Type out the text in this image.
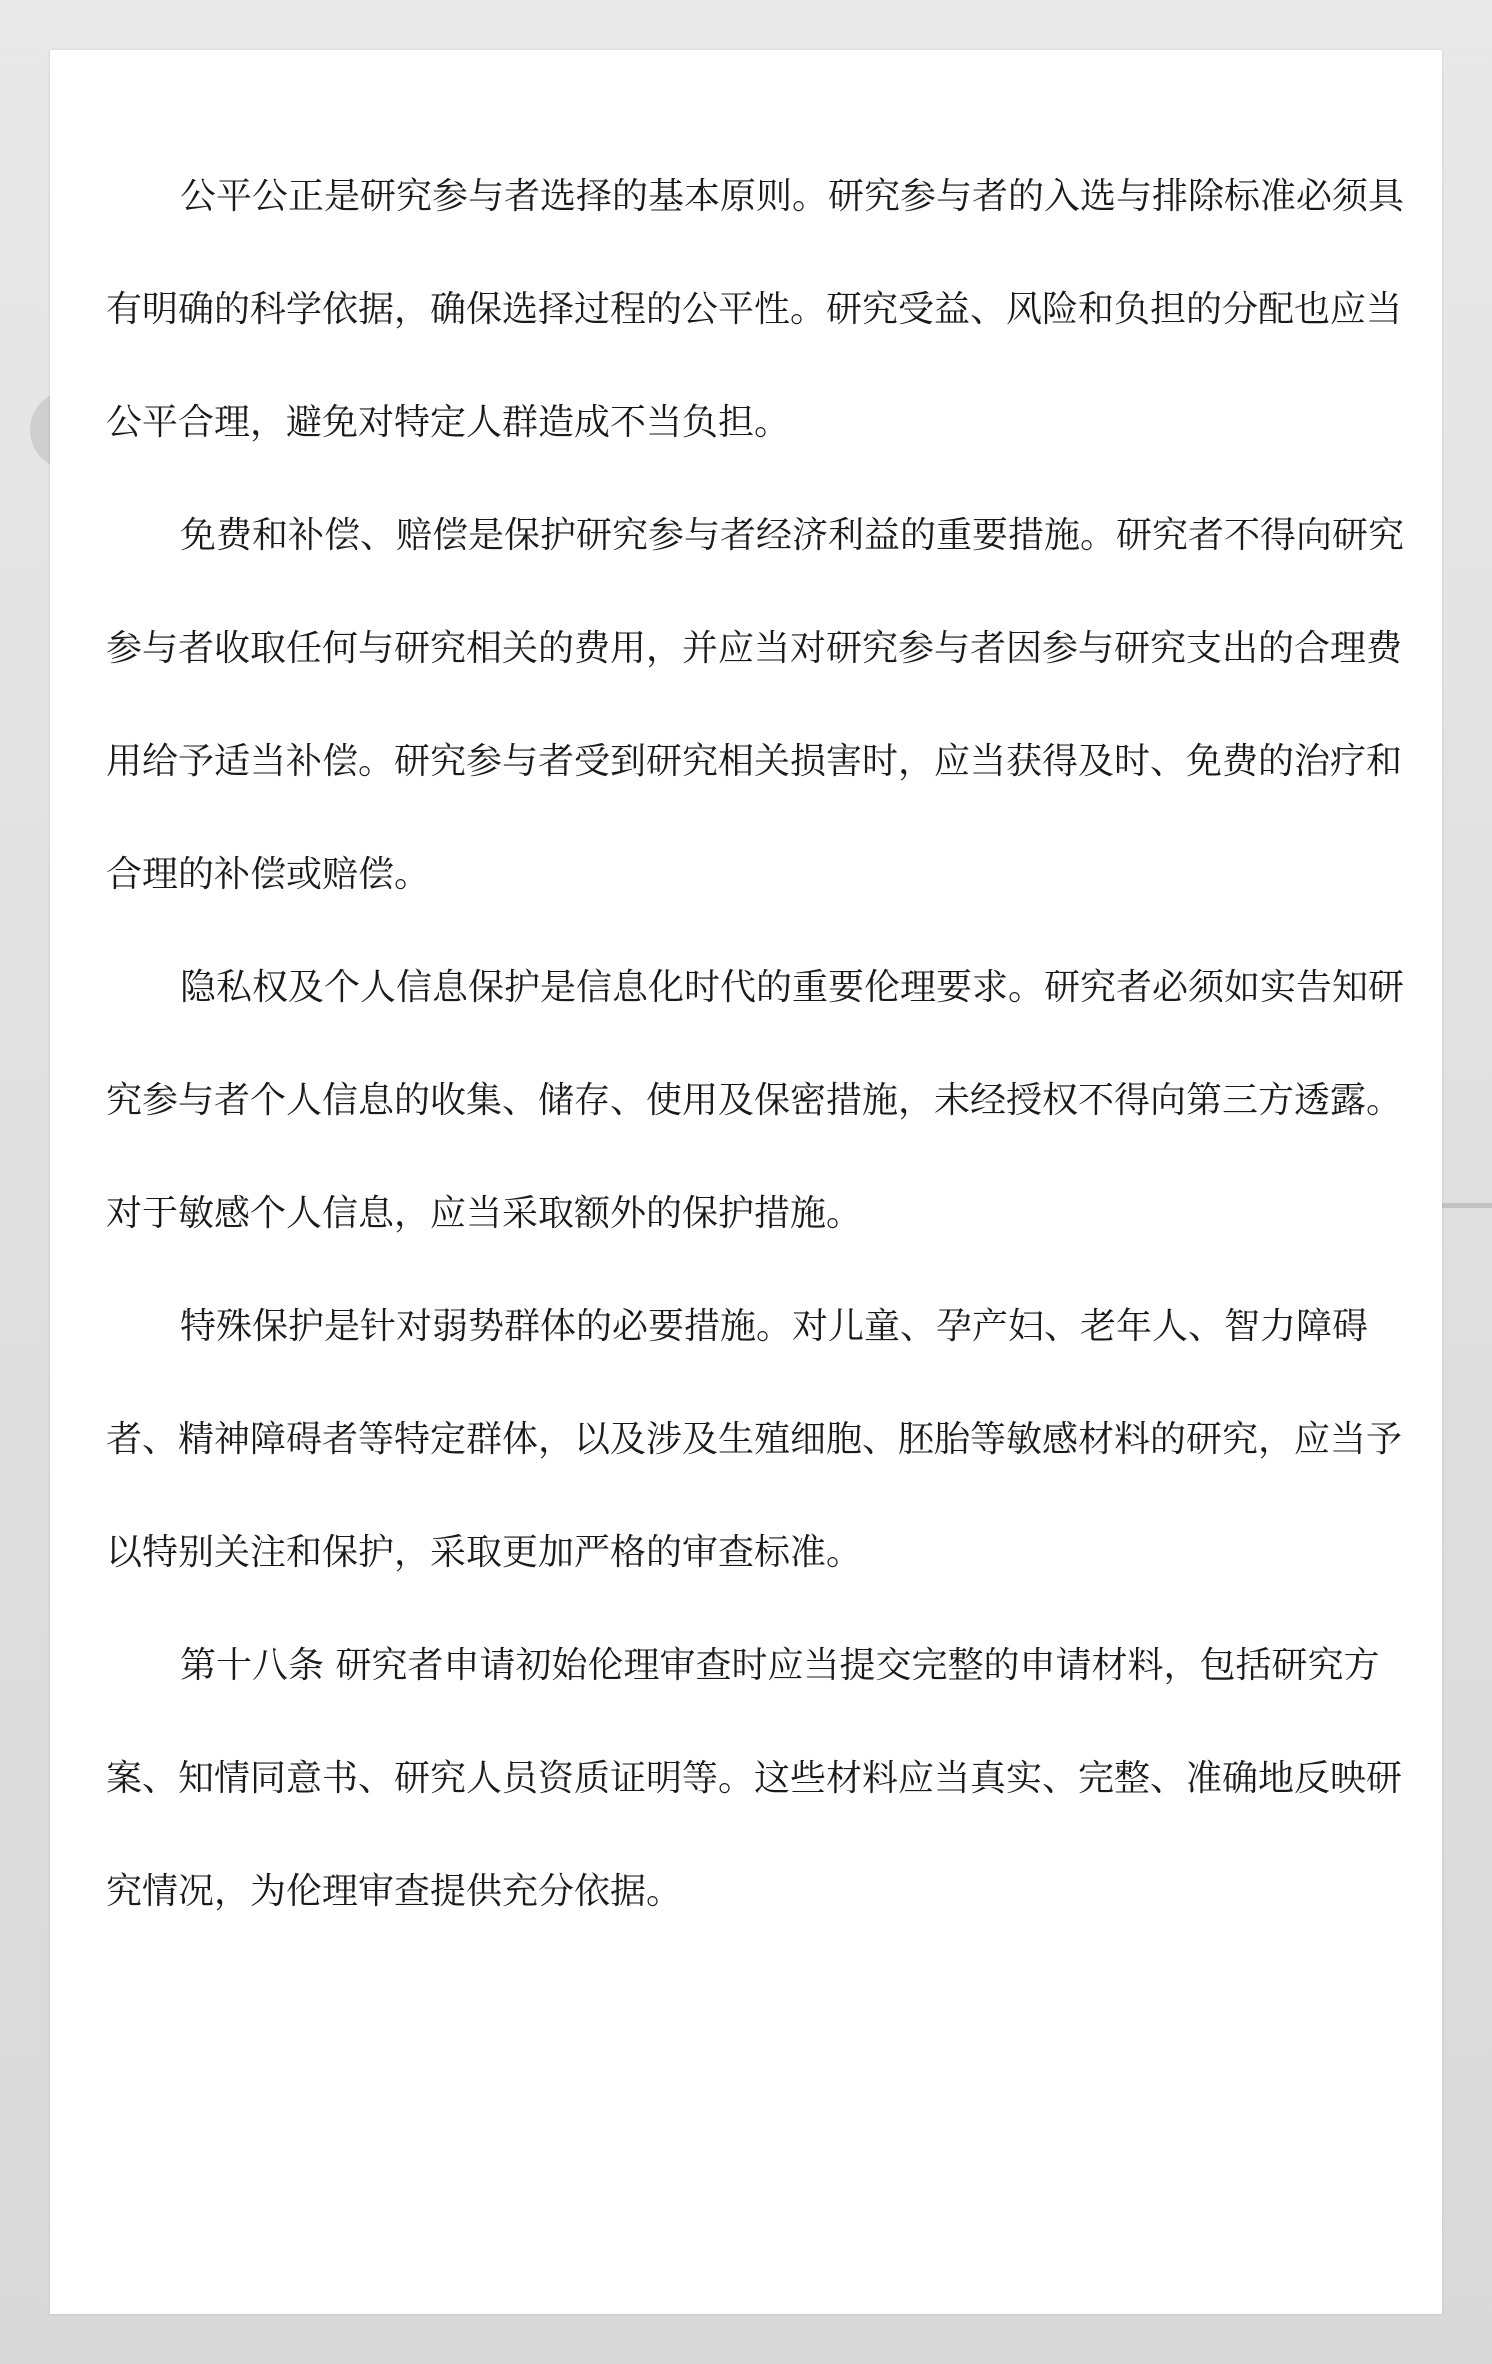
公平公正是研究参与者选择的基本原则。研究参与者的入选与排除标准必须具有明确的科学依据，确保选择过程的公平性。研究受益、风险和负担的分配也应当公平合理，避免对特定人群造成不当负担。

免费和补偿、赔偿是保护研究参与者经济利益的重要措施。研究者不得向研究参与者收取任何与研究相关的费用，并应当对研究参与者因参与研究支出的合理费用给予适当补偿。研究参与者受到研究相关损害时，应当获得及时、免费的治疗和合理的补偿或赔偿。

隐私权及个人信息保护是信息化时代的重要伦理要求。研究者必须如实告知研究参与者个人信息的收集、储存、使用及保密措施，未经授权不得向第三方透露。对于敏感个人信息，应当采取额外的保护措施。

特殊保护是针对弱势群体的必要措施。对儿童、孕产妇、老年人、智力障碍者、精神障碍者等特定群体，以及涉及生殖细胞、胚胎等敏感材料的研究，应当予以特别关注和保护，采取更加严格的审查标准。

第十八条 研究者申请初始伦理审查时应当提交完整的申请材料，包括研究方案、知情同意书、研究人员资质证明等。这些材料应当真实、完整、准确地反映研究情况，为伦理审查提供充分依据。
